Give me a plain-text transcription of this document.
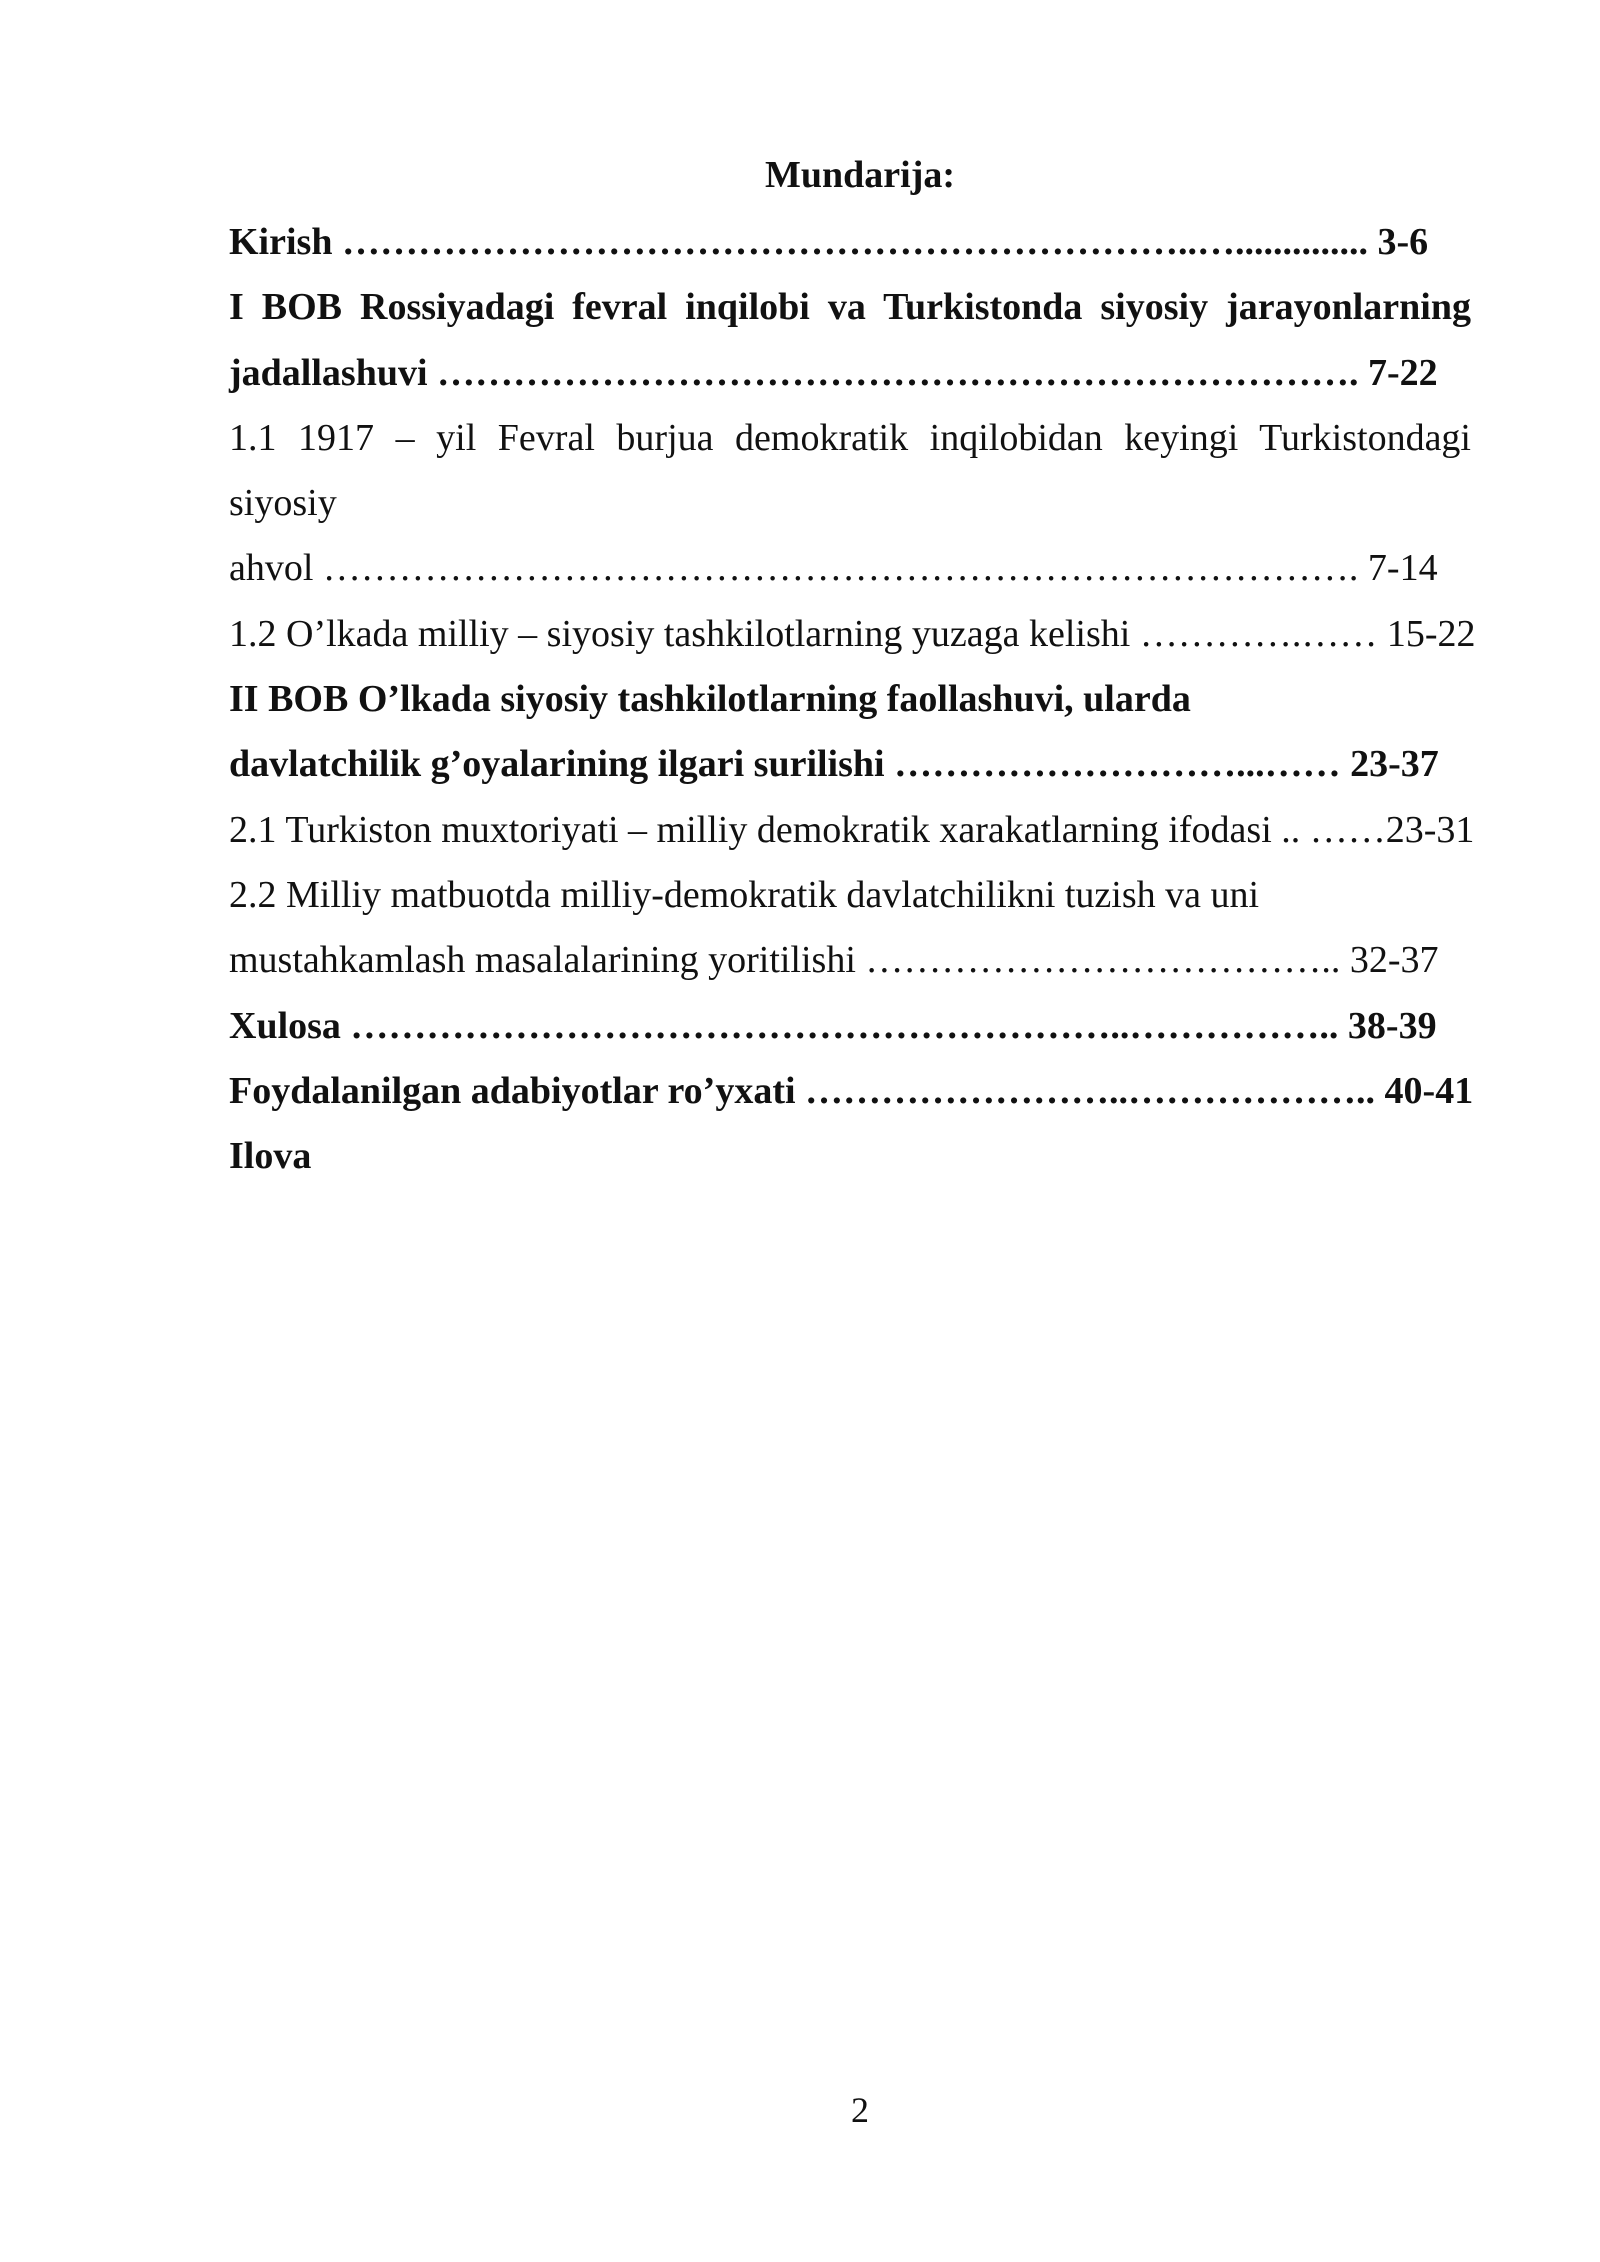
Mundarija:
Kirish …………………………………………………………..….............. 3-6
I BOB Rossiyadagi fevral inqilobi va Turkistonda siyosiy jarayonlarning
jadallashuvi ………………………………………………………………. 7-22
1.1 1917 – yil Fevral burjua demokratik inqilobidan keyingi Turkistondagi siyosiy
ahvol ………………………………………………………………………. 7-14
1.2 O’lkada milliy – siyosiy tashkilotlarning yuzaga kelishi ………….…… 15-22
II BOB O’lkada siyosiy tashkilotlarning faollashuvi, ularda
davlatchilik g’oyalarining ilgari surilishi ………………………...…… 23-37
2.1 Turkiston muxtoriyati – milliy demokratik xarakatlarning ifodasi .. ……23-31
2.2 Milliy matbuotda milliy-demokratik davlatchilikni tuzish va uni
mustahkamlash masalalarining yoritilishi ……………………………….. 32-37
Xulosa ……………………………………………………..…………….. 38-39
Foydalanilgan adabiyotlar ro’yxati ……………………..……………….. 40-41
Ilova
2
